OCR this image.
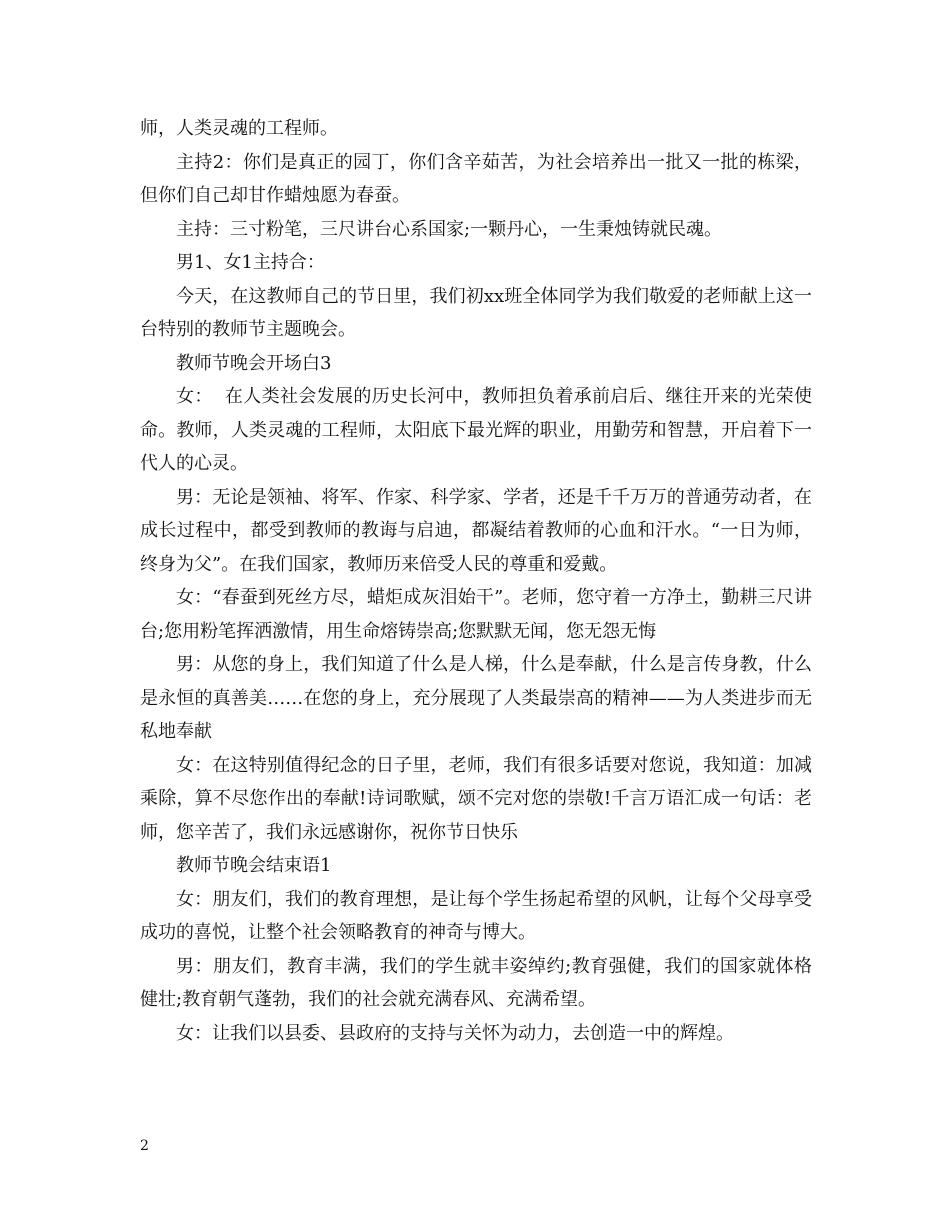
师，人类灵魂的工程师。

主持2：你们是真正的园丁，你们含辛茹苦，为社会培养出一批又一批的栋梁，但你们自己却甘作蜡烛愿为春蚕。

主持：三寸粉笔，三尺讲台心系国家;一颗丹心，一生秉烛铸就民魂。

男1、女1主持合：

今天，在这教师自己的节日里，我们初xx班全体同学为我们敬爱的老师献上这一台特别的教师节主题晚会。

教师节晚会开场白3

女：  在人类社会发展的历史长河中，教师担负着承前启后、继往开来的光荣使命。教师，人类灵魂的工程师，太阳底下最光辉的职业，用勤劳和智慧，开启着下一代人的心灵。

男：无论是领袖、将军、作家、科学家、学者，还是千千万万的普通劳动者，在成长过程中，都受到教师的教诲与启迪，都凝结着教师的心血和汗水。“一日为师，终身为父”。在我们国家，教师历来倍受人民的尊重和爱戴。

女：“春蚕到死丝方尽，蜡炬成灰泪始干”。老师，您守着一方净土，勤耕三尺讲台;您用粉笔挥洒激情，用生命熔铸崇高;您默默无闻，您无怨无悔

男：从您的身上，我们知道了什么是人梯，什么是奉献，什么是言传身教，什么是永恒的真善美……在您的身上，充分展现了人类最崇高的精神——为人类进步而无私地奉献

女：在这特别值得纪念的日子里，老师，我们有很多话要对您说，我知道：加减乘除，算不尽您作出的奉献!诗词歌赋，颂不完对您的崇敬!千言万语汇成一句话：老师，您辛苦了，我们永远感谢你，祝你节日快乐

教师节晚会结束语1

女：朋友们，我们的教育理想，是让每个学生扬起希望的风帆，让每个父母享受成功的喜悦，让整个社会领略教育的神奇与博大。

男：朋友们，教育丰满，我们的学生就丰姿绰约;教育强健，我们的国家就体格健壮;教育朝气蓬勃，我们的社会就充满春风、充满希望。

女：让我们以县委、县政府的支持与关怀为动力，去创造一中的辉煌。

2
